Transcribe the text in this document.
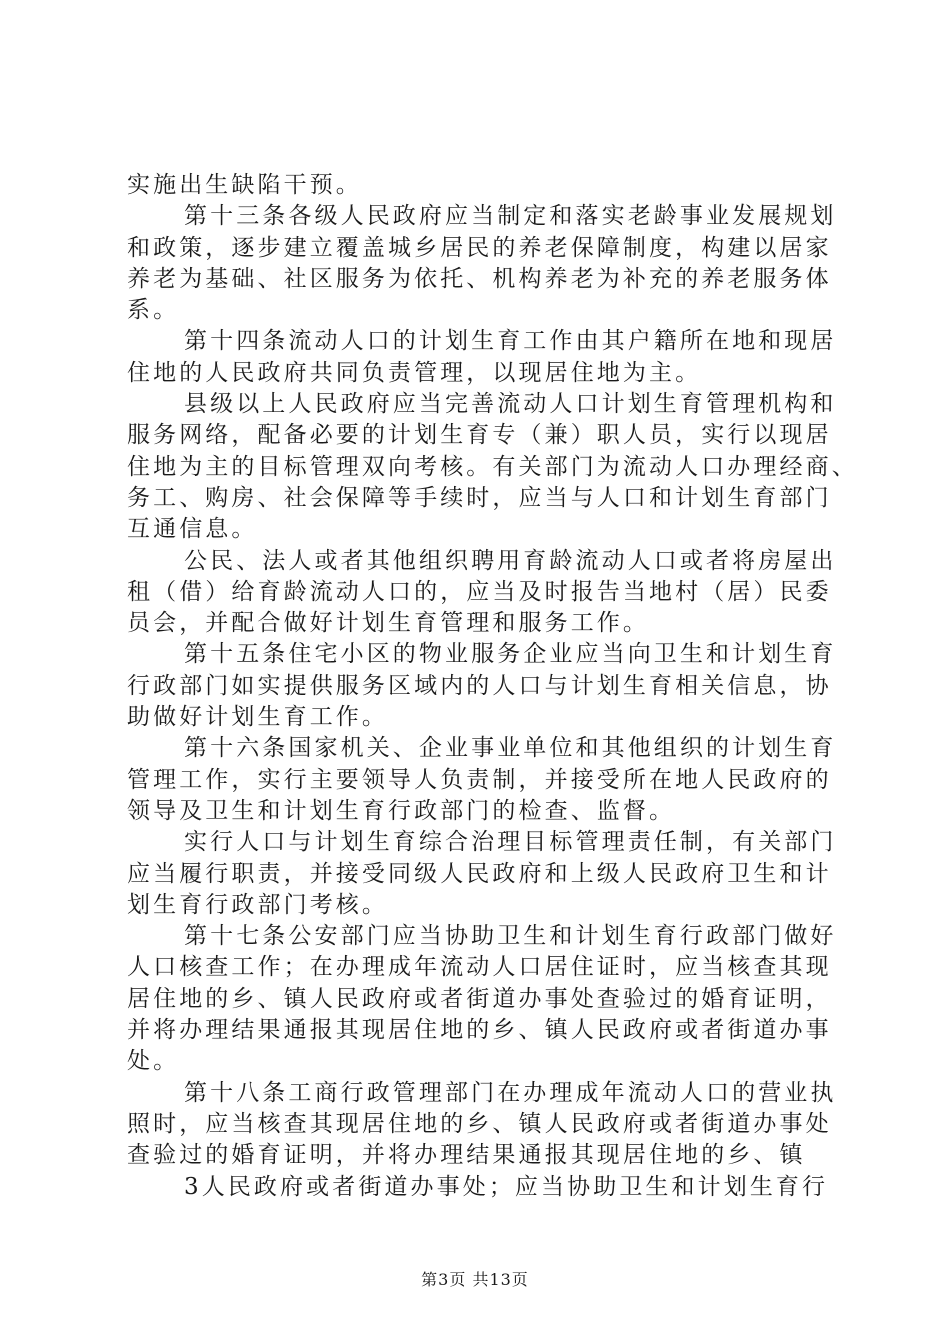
实施出生缺陷干预。
第十三条各级人民政府应当制定和落实老龄事业发展规划
和政策，逐步建立覆盖城乡居民的养老保障制度，构建以居家
养老为基础、社区服务为依托、机构养老为补充的养老服务体
系。
第十四条流动人口的计划生育工作由其户籍所在地和现居
住地的人民政府共同负责管理，以现居住地为主。
县级以上人民政府应当完善流动人口计划生育管理机构和
服务网络，配备必要的计划生育专（兼）职人员，实行以现居
住地为主的目标管理双向考核。有关部门为流动人口办理经商、
务工、购房、社会保障等手续时，应当与人口和计划生育部门
互通信息。
公民、法人或者其他组织聘用育龄流动人口或者将房屋出
租（借）给育龄流动人口的，应当及时报告当地村（居）民委
员会，并配合做好计划生育管理和服务工作。
第十五条住宅小区的物业服务企业应当向卫生和计划生育
行政部门如实提供服务区域内的人口与计划生育相关信息，协
助做好计划生育工作。
第十六条国家机关、企业事业单位和其他组织的计划生育
管理工作，实行主要领导人负责制，并接受所在地人民政府的
领导及卫生和计划生育行政部门的检查、监督。
实行人口与计划生育综合治理目标管理责任制，有关部门
应当履行职责，并接受同级人民政府和上级人民政府卫生和计
划生育行政部门考核。
第十七条公安部门应当协助卫生和计划生育行政部门做好
人口核查工作；在办理成年流动人口居住证时，应当核查其现
居住地的乡、镇人民政府或者街道办事处查验过的婚育证明，
并将办理结果通报其现居住地的乡、镇人民政府或者街道办事
处。
第十八条工商行政管理部门在办理成年流动人口的营业执
照时，应当核查其现居住地的乡、镇人民政府或者街道办事处
查验过的婚育证明，并将办理结果通报其现居住地的乡、镇
3人民政府或者街道办事处；应当协助卫生和计划生育行
第3页 共13页
